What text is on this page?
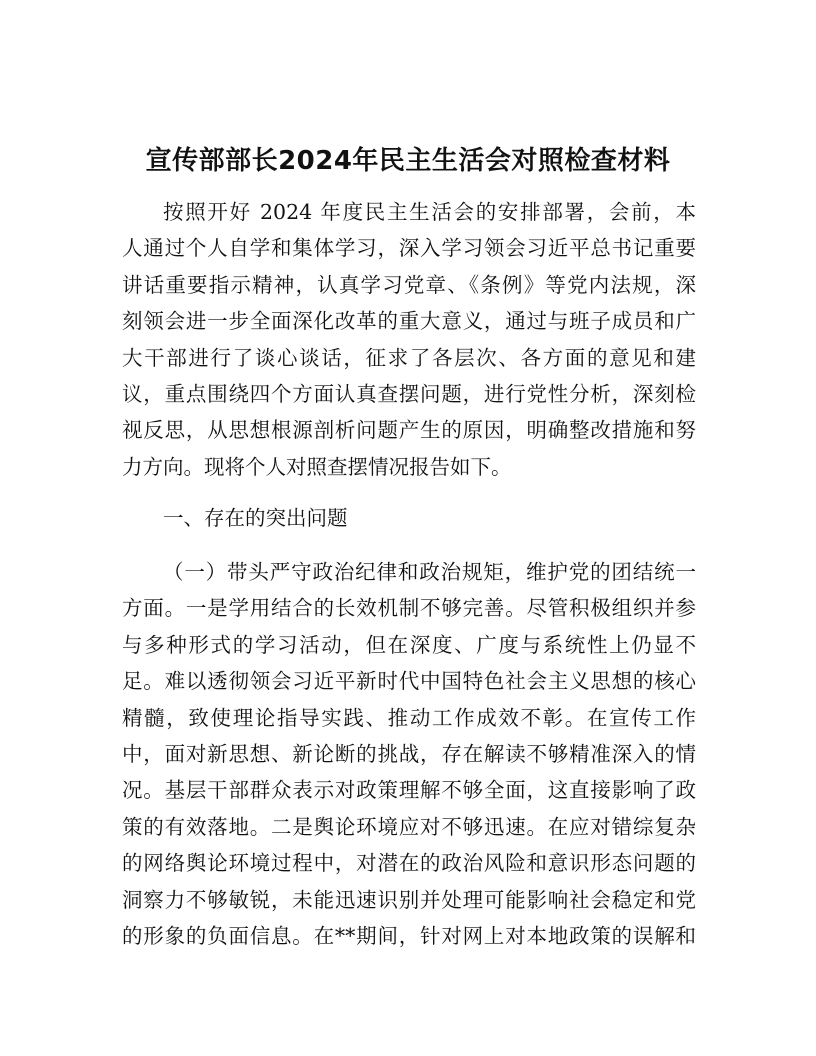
宣传部部长2024年民主生活会对照检查材料
按照开好 2024 年度民主生活会的安排部署，会前，本
人通过个人自学和集体学习，深入学习领会习近平总书记重要
讲话重要指示精神，认真学习党章、《条例》等党内法规，深
刻领会进一步全面深化改革的重大意义，通过与班子成员和广
大干部进行了谈心谈话，征求了各层次、各方面的意见和建
议，重点围绕四个方面认真查摆问题，进行党性分析，深刻检
视反思，从思想根源剖析问题产生的原因，明确整改措施和努
力方向。现将个人对照查摆情况报告如下。
一、存在的突出问题
（一）带头严守政治纪律和政治规矩，维护党的团结统一
方面。一是学用结合的长效机制不够完善。尽管积极组织并参
与多种形式的学习活动，但在深度、广度与系统性上仍显不
足。难以透彻领会习近平新时代中国特色社会主义思想的核心
精髓，致使理论指导实践、推动工作成效不彰。在宣传工作
中，面对新思想、新论断的挑战，存在解读不够精准深入的情
况。基层干部群众表示对政策理解不够全面，这直接影响了政
策的有效落地。二是舆论环境应对不够迅速。在应对错综复杂
的网络舆论环境过程中，对潜在的政治风险和意识形态问题的
洞察力不够敏锐，未能迅速识别并处理可能影响社会稳定和党
的形象的负面信息。在**期间，针对网上对本地政策的误解和
